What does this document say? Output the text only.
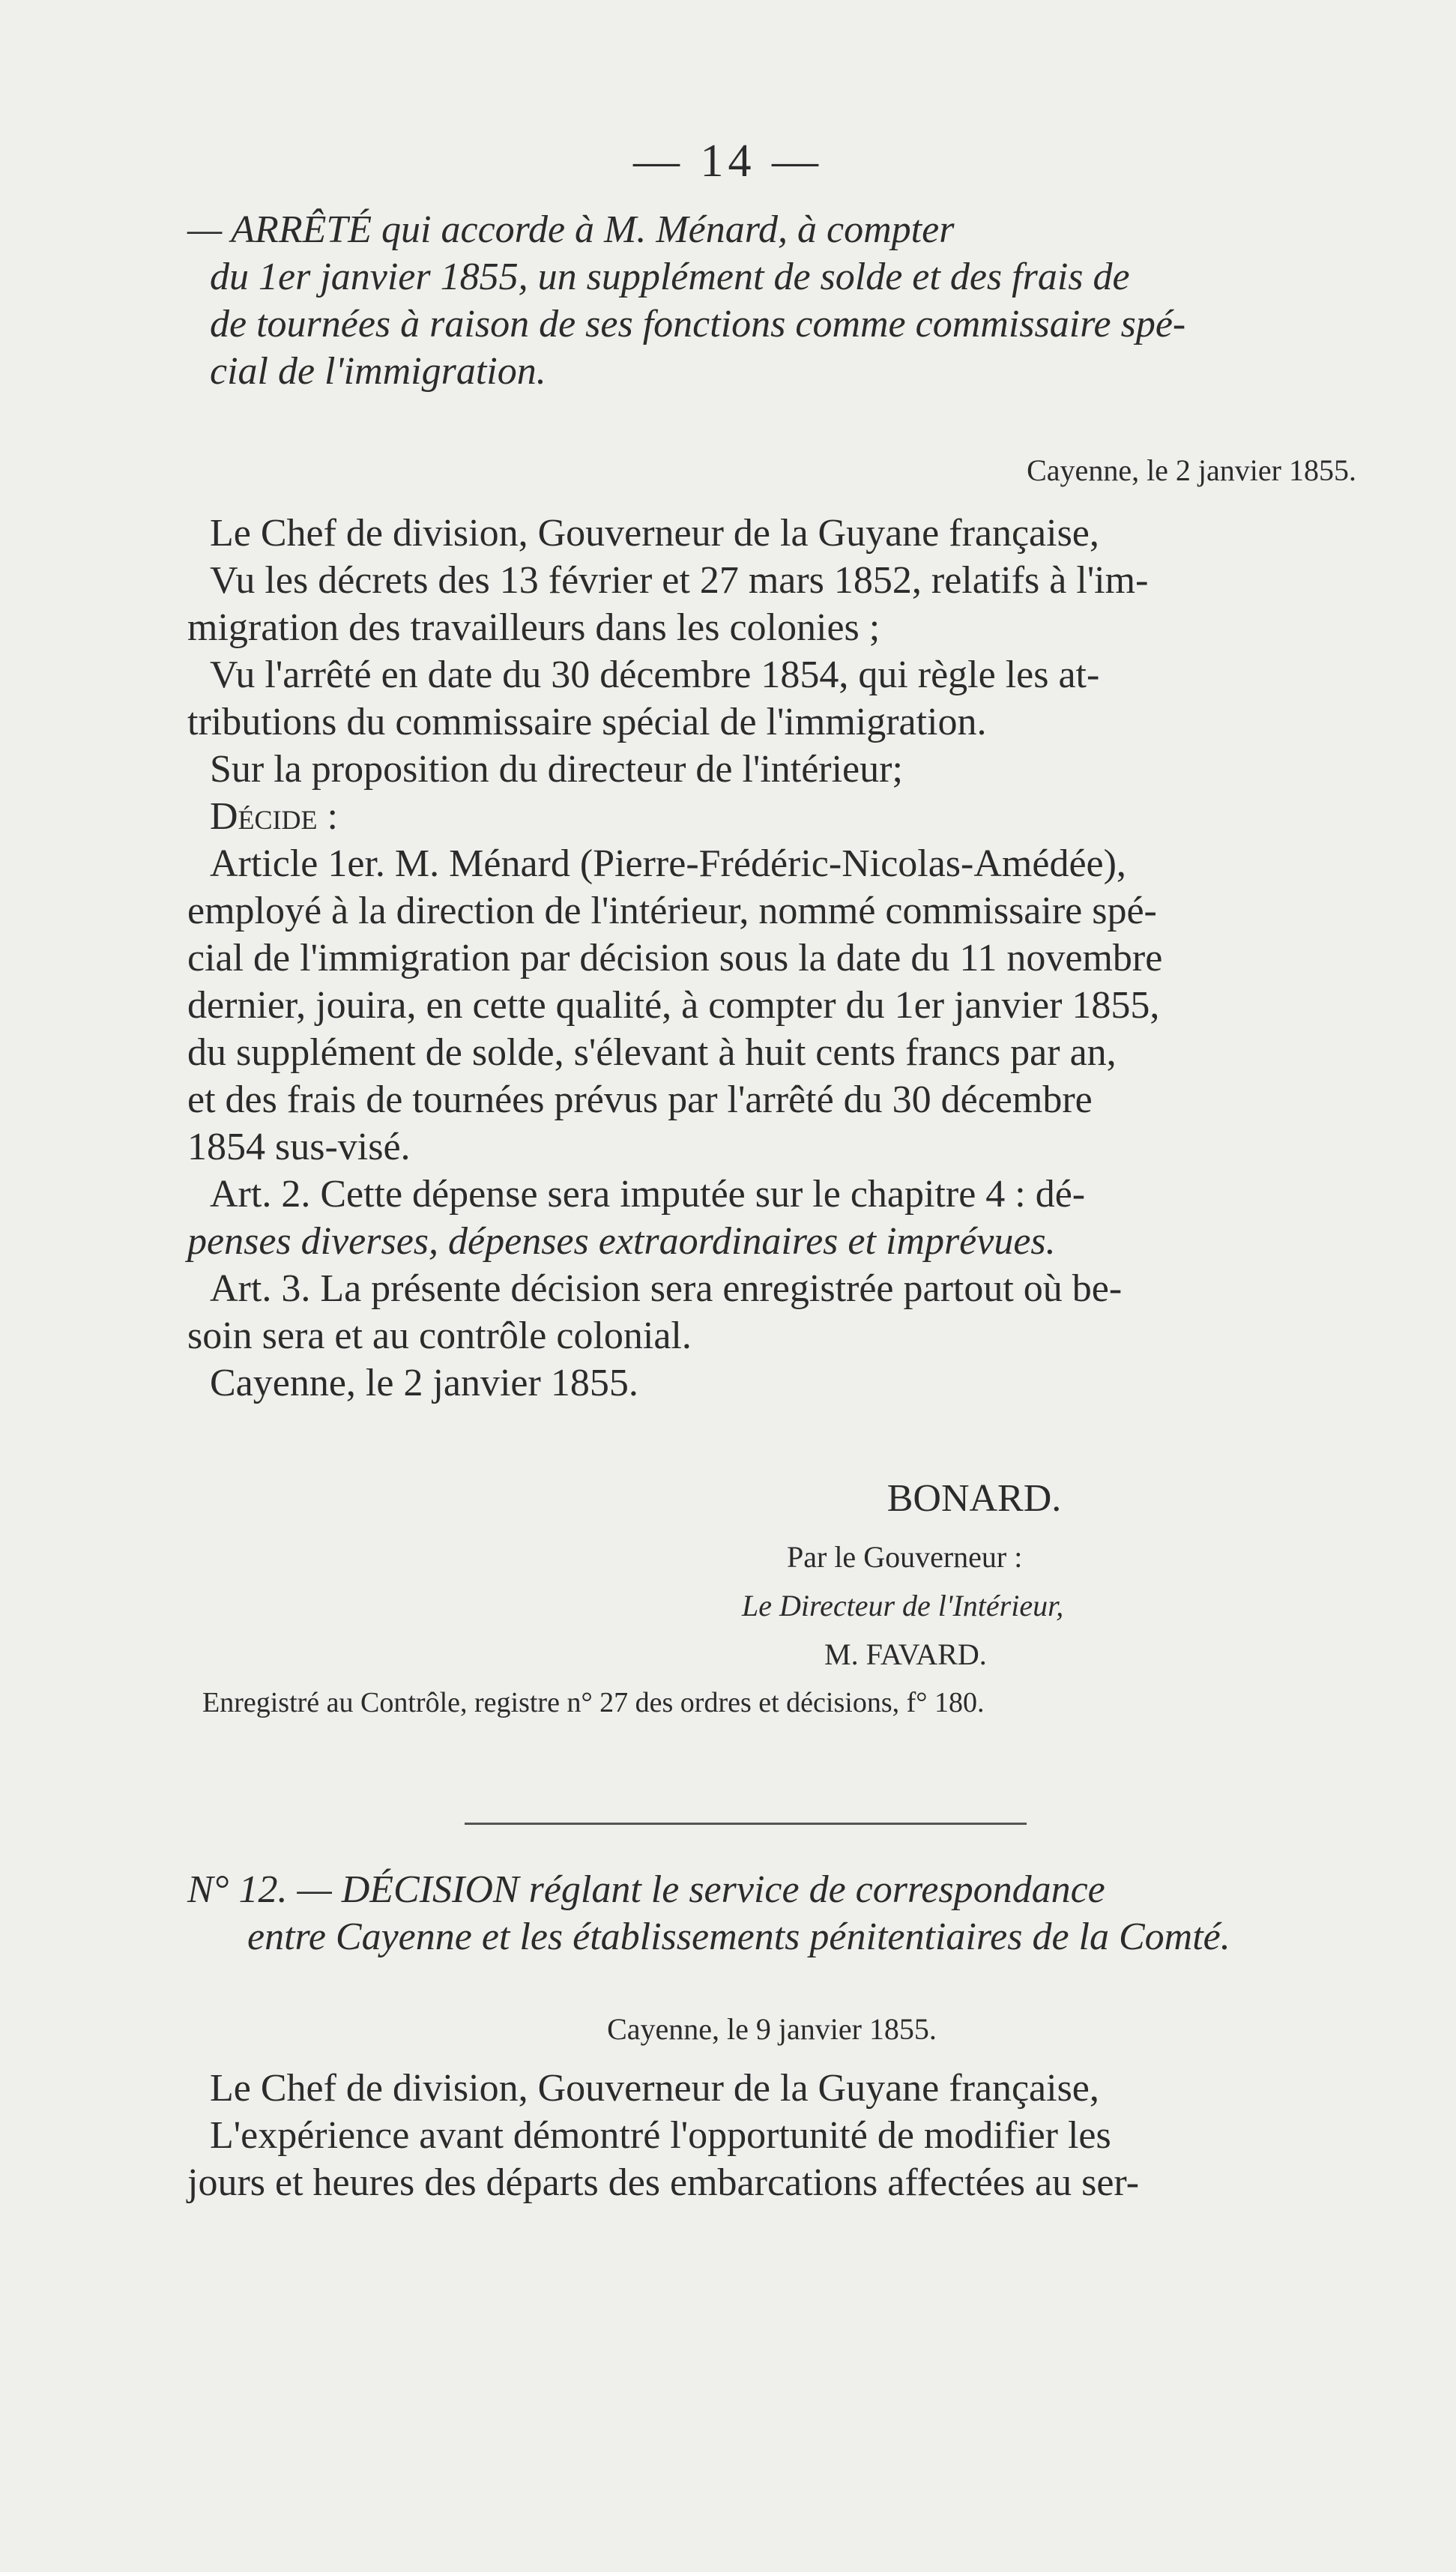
— 14 —

— ARRÊTÉ qui accorde à M. Ménard, à compter

du 1er janvier 1855, un supplément de solde et des frais de

de tournées à raison de ses fonctions comme commissaire spé-

cial de l'immigration.

Cayenne, le 2 janvier 1855.

Le Chef de division, Gouverneur de la Guyane française,

Vu les décrets des 13 février et 27 mars 1852, relatifs à l'im-

migration des travailleurs dans les colonies ;

Vu l'arrêté en date du 30 décembre 1854, qui règle les at-

tributions du commissaire spécial de l'immigration.

Sur la proposition du directeur de l'intérieur;

Décide :

Article 1er. M. Ménard (Pierre-Frédéric-Nicolas-Amédée),

employé à la direction de l'intérieur, nommé commissaire spé-

cial de l'immigration par décision sous la date du 11 novembre

dernier, jouira, en cette qualité, à compter du 1er janvier 1855,

du supplément de solde, s'élevant à huit cents francs par an,

et des frais de tournées prévus par l'arrêté du 30 décembre

1854 sus-visé.

Art. 2. Cette dépense sera imputée sur le chapitre 4 : dé-

penses diverses, dépenses extraordinaires et imprévues.

Art. 3. La présente décision sera enregistrée partout où be-

soin sera et au contrôle colonial.

Cayenne, le 2 janvier 1855.

BONARD.
Par le Gouverneur :
Le Directeur de l'Intérieur,
M. FAVARD.
Enregistré au Contrôle, registre n° 27 des ordres et décisions, f° 180.

N° 12. — DÉCISION réglant le service de correspondance

entre Cayenne et les établissements pénitentiaires de la Comté.

Cayenne, le 9 janvier 1855.

Le Chef de division, Gouverneur de la Guyane française,

L'expérience avant démontré l'opportunité de modifier les

jours et heures des départs des embarcations affectées au ser-
